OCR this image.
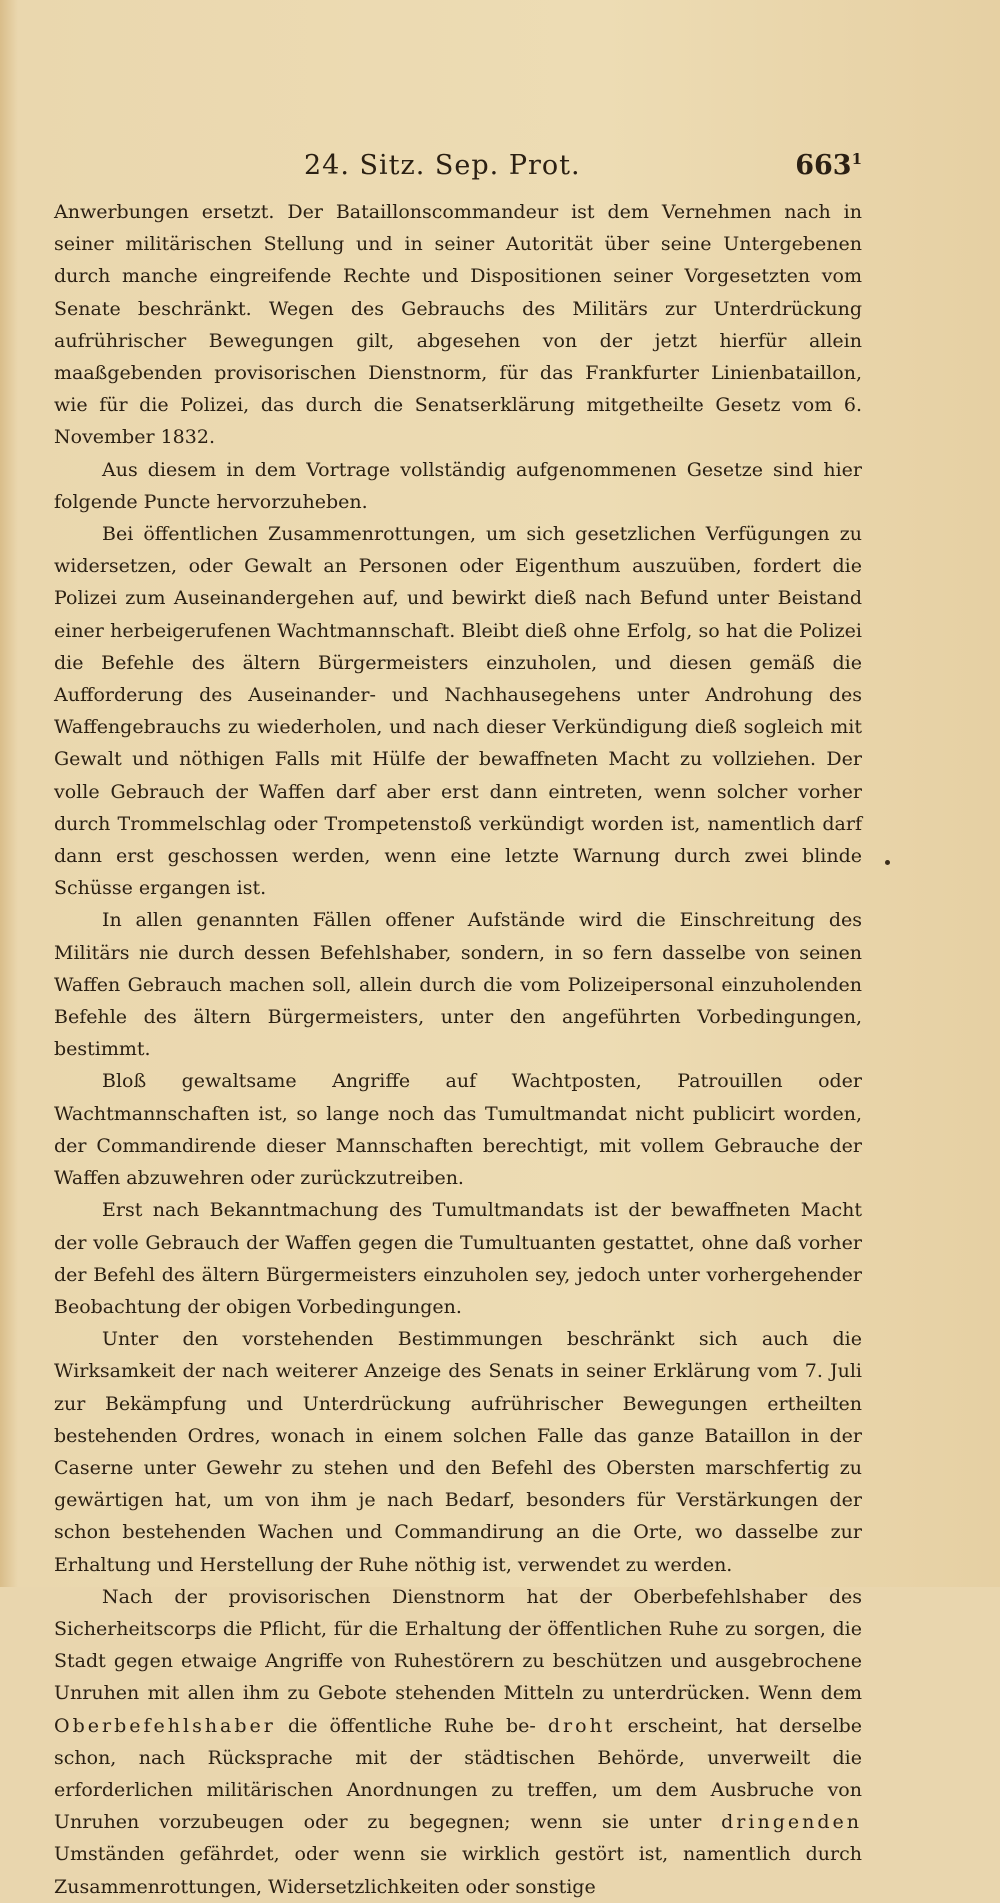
24. Sitz. Sep. Prot.	$663^1$

Anwerbungen ersetzt. Der Bataillonscommandeur ist dem Vernehmen nach in seiner militärischen Stellung und in seiner Autorität über seine Untergebenen durch manche eingreifende Rechte und Dispositionen seiner Vorgesetzten vom Senate beschränkt. Wegen des Gebrauchs des Militärs zur Unterdrückung aufrührischer Bewegungen gilt, abgesehen von der jetzt hierfür allein maaßgebenden provisorischen Dienstnorm, für das Frankfurter Linienbataillon, wie für die Polizei, das durch die Senatserklärung mitgetheilte Gesetz vom 6. November 1832.

Aus diesem in dem Vortrage vollständig aufgenommenen Gesetze sind hier folgende Puncte hervorzuheben.

Bei öffentlichen Zusammenrottungen, um sich gesetzlichen Verfügungen zu widersetzen, oder Gewalt an Personen oder Eigenthum auszuüben, fordert die Polizei zum Auseinandergehen auf, und bewirkt dieß nach Befund unter Beistand einer herbeigerufenen Wachtmannschaft. Bleibt dieß ohne Erfolg, so hat die Polizei die Befehle des ältern Bürgermeisters einzuholen, und diesen gemäß die Aufforderung des Auseinander- und Nachhausegehens unter Androhung des Waffengebrauchs zu wiederholen, und nach dieser Verkündigung dieß sogleich mit Gewalt und nöthigen Falls mit Hülfe der bewaffneten Macht zu vollziehen. Der volle Gebrauch der Waffen darf aber erst dann eintreten, wenn solcher vorher durch Trommelschlag oder Trompetenstoß verkündigt worden ist, namentlich darf dann erst geschossen werden, wenn eine letzte Warnung durch zwei blinde Schüsse ergangen ist.

In allen genannten Fällen offener Aufstände wird die Einschreitung des Militärs nie durch dessen Befehlshaber, sondern, in so fern dasselbe von seinen Waffen Gebrauch machen soll, allein durch die vom Polizeipersonal einzuholenden Befehle des ältern Bürgermeisters, unter den angeführten Vorbedingungen, bestimmt.

Bloß gewaltsame Angriffe auf Wachtposten, Patrouillen oder Wachtmannschaften ist, so lange noch das Tumultmandat nicht publicirt worden, der Commandirende dieser Mannschaften berechtigt, mit vollem Gebrauche der Waffen abzuwehren oder zurückzutreiben.

Erst nach Bekanntmachung des Tumultmandats ist der bewaffneten Macht der volle Gebrauch der Waffen gegen die Tumultuanten gestattet, ohne daß vorher der Befehl des ältern Bürgermeisters einzuholen sey, jedoch unter vorhergehender Beobachtung der obigen Vorbedingungen.

Unter den vorstehenden Bestimmungen beschränkt sich auch die Wirksamkeit der nach weiterer Anzeige des Senats in seiner Erklärung vom 7. Juli zur Bekämpfung und Unterdrückung aufrührischer Bewegungen ertheilten bestehenden Ordres, wonach in einem solchen Falle das ganze Bataillon in der Caserne unter Gewehr zu stehen und den Befehl des Obersten marschfertig zu gewärtigen hat, um von ihm je nach Bedarf, besonders für Verstärkungen der schon bestehenden Wachen und Commandirung an die Orte, wo dasselbe zur Erhaltung und Herstellung der Ruhe nöthig ist, verwendet zu werden.

Nach der provisorischen Dienstnorm hat der Oberbefehlshaber des Sicherheitscorps die Pflicht, für die Erhaltung der öffentlichen Ruhe zu sorgen, die Stadt gegen etwaige Angriffe von Ruhestörern zu beschützen und ausgebrochene Unruhen mit allen ihm zu Gebote stehenden Mitteln zu unterdrücken. Wenn dem Oberbefehlshaber die öffentliche Ruhe be- droht erscheint, hat derselbe schon, nach Rücksprache mit der städtischen Behörde, unverweilt die erforderlichen militärischen Anordnungen zu treffen, um dem Ausbruche von Unruhen vorzubeugen oder zu begegnen; wenn sie unter dringenden Umständen gefährdet, oder wenn sie wirklich gestört ist, namentlich durch Zusammenrottungen, Widersetzlichkeiten oder sonstige
